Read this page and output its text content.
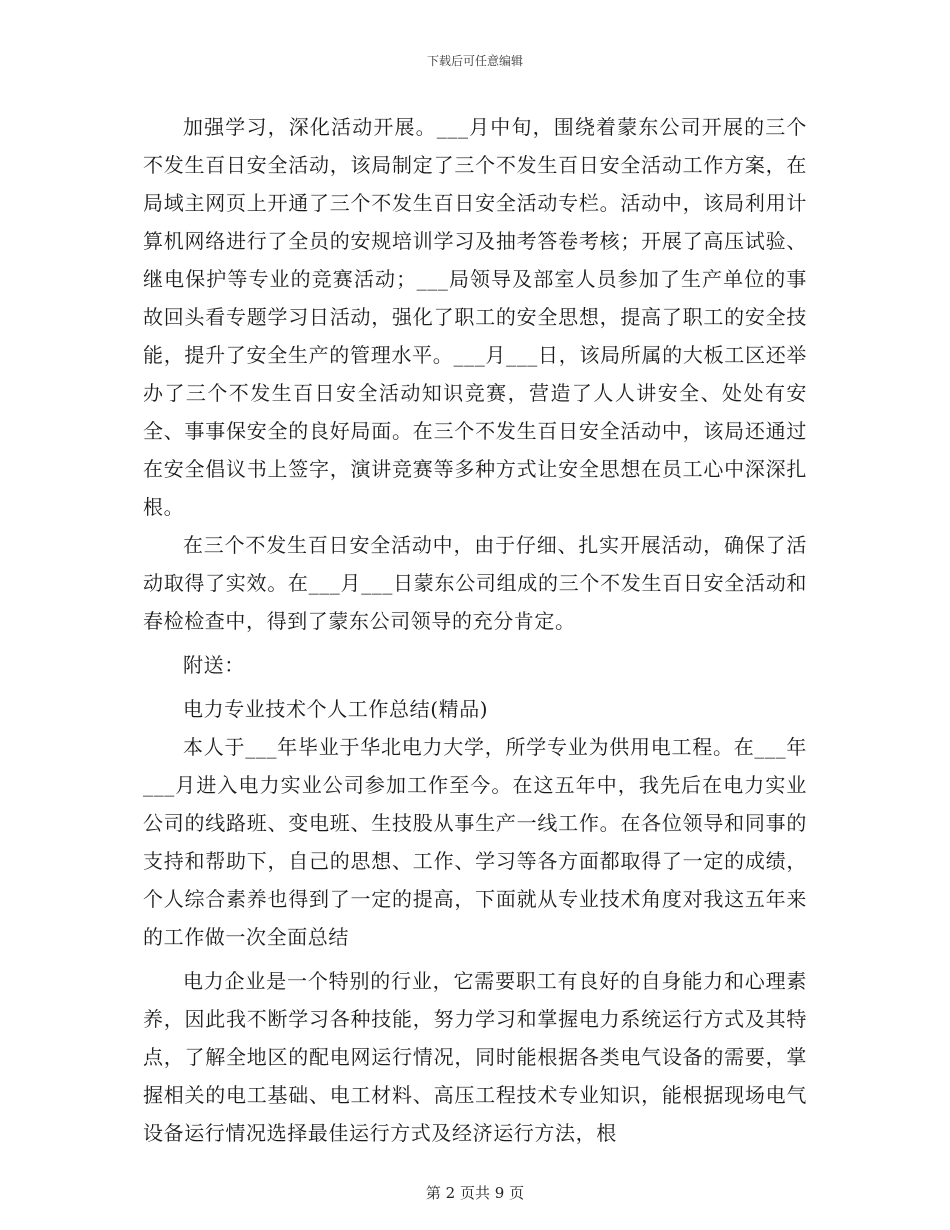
下载后可任意编辑

加强学习，深化活动开展。___月中旬，围绕着蒙东公司开展的三个不发生百日安全活动，该局制定了三个不发生百日安全活动工作方案，在局域主网页上开通了三个不发生百日安全活动专栏。活动中，该局利用计算机网络进行了全员的安规培训学习及抽考答卷考核；开展了高压试验、继电保护等专业的竞赛活动；___局领导及部室人员参加了生产单位的事故回头看专题学习日活动，强化了职工的安全思想，提高了职工的安全技能，提升了安全生产的管理水平。___月___日，该局所属的大板工区还举办了三个不发生百日安全活动知识竞赛，营造了人人讲安全、处处有安全、事事保安全的良好局面。在三个不发生百日安全活动中，该局还通过在安全倡议书上签字，演讲竞赛等多种方式让安全思想在员工心中深深扎根。

在三个不发生百日安全活动中，由于仔细、扎实开展活动，确保了活动取得了实效。在___月___日蒙东公司组成的三个不发生百日安全活动和春检检查中，得到了蒙东公司领导的充分肯定。

附送：

电力专业技术个人工作总结(精品)

本人于___年毕业于华北电力大学，所学专业为供用电工程。在___年___月进入电力实业公司参加工作至今。在这五年中，我先后在电力实业公司的线路班、变电班、生技股从事生产一线工作。在各位领导和同事的支持和帮助下，自己的思想、工作、学习等各方面都取得了一定的成绩，个人综合素养也得到了一定的提高，下面就从专业技术角度对我这五年来的工作做一次全面总结

电力企业是一个特别的行业，它需要职工有良好的自身能力和心理素养，因此我不断学习各种技能，努力学习和掌握电力系统运行方式及其特点，了解全地区的配电网运行情况，同时能根据各类电气设备的需要，掌握相关的电工基础、电工材料、高压工程技术专业知识，能根据现场电气设备运行情况选择最佳运行方式及经济运行方法，根

第 2 页共 9 页
